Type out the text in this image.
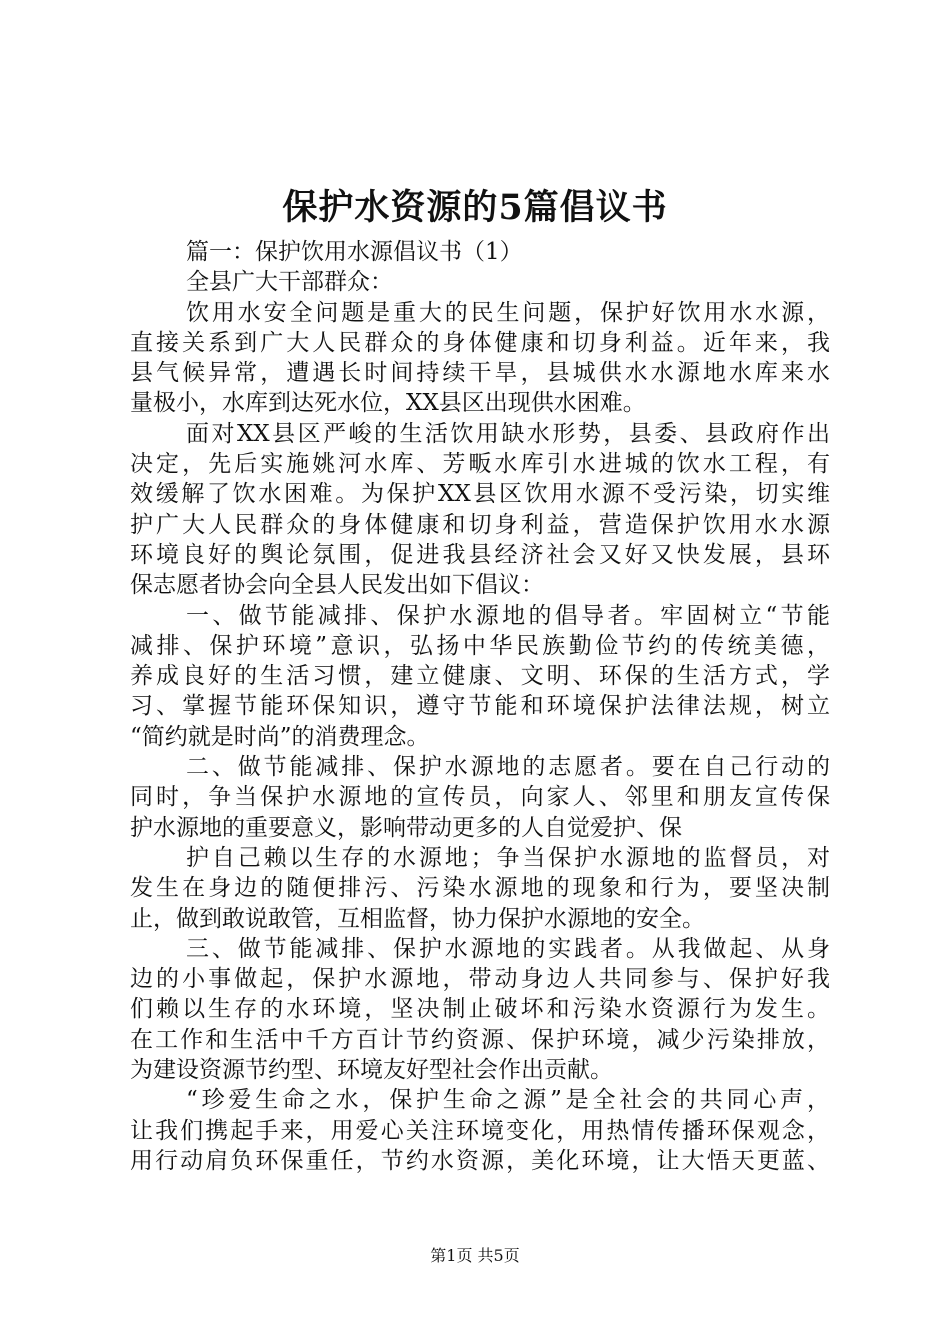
保护水资源的5篇倡议书
篇一：保护饮用水源倡议书（1）
全县广大干部群众：
饮用水安全问题是重大的民生问题，保护好饮用水水源，
直接关系到广大人民群众的身体健康和切身利益。近年来，我
县气候异常，遭遇长时间持续干旱，县城供水水源地水库来水
量极小，水库到达死水位，XX县区出现供水困难。
面对XX县区严峻的生活饮用缺水形势，县委、县政府作出
决定，先后实施姚河水库、芳畈水库引水进城的饮水工程，有
效缓解了饮水困难。为保护XX县区饮用水源不受污染，切实维
护广大人民群众的身体健康和切身利益，营造保护饮用水水源
环境良好的舆论氛围，促进我县经济社会又好又快发展，县环
保志愿者协会向全县人民发出如下倡议：
一、做节能减排、保护水源地的倡导者。牢固树立“节能
减排、保护环境”意识，弘扬中华民族勤俭节约的传统美德，
养成良好的生活习惯，建立健康、文明、环保的生活方式，学
习、掌握节能环保知识，遵守节能和环境保护法律法规，树立
“简约就是时尚”的消费理念。
二、做节能减排、保护水源地的志愿者。要在自己行动的
同时，争当保护水源地的宣传员，向家人、邻里和朋友宣传保
护水源地的重要意义，影响带动更多的人自觉爱护、保
护自己赖以生存的水源地；争当保护水源地的监督员，对
发生在身边的随便排污、污染水源地的现象和行为，要坚决制
止，做到敢说敢管，互相监督，协力保护水源地的安全。
三、做节能减排、保护水源地的实践者。从我做起、从身
边的小事做起，保护水源地，带动身边人共同参与、保护好我
们赖以生存的水环境，坚决制止破坏和污染水资源行为发生。
在工作和生活中千方百计节约资源、保护环境，减少污染排放，
为建设资源节约型、环境友好型社会作出贡献。
“珍爱生命之水，保护生命之源”是全社会的共同心声，
让我们携起手来，用爱心关注环境变化，用热情传播环保观念，
用行动肩负环保重任，节约水资源，美化环境，让大悟天更蓝、
第1页 共5页
